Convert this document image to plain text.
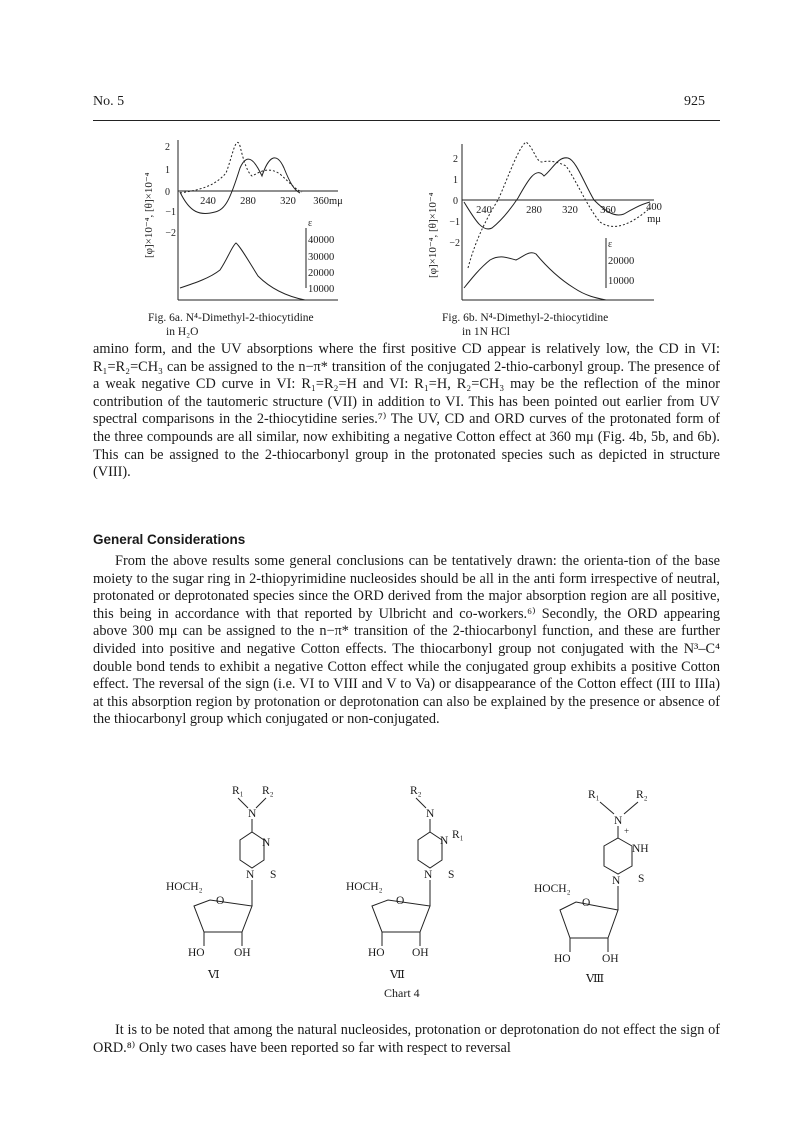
No. 5	925
[φ]×10⁻⁴, [θ]×10⁻⁴
2
1
0
−1
−2
240 280 320 360mμ
ε
40000
30000
20000
10000
Fig. 6a. N⁴-Dimethyl-2-thiocytidine
in H₂O
[φ]×10⁻⁴, [θ]×10⁻⁴
2
1
0
−1
−2
240	280 320 360	400
mμ
ε
20000
10000
Fig. 6b. N⁴-Dimethyl-2-thiocytidine
in 1N HCl

amino form, and the UV absorptions where the first positive CD appear is relatively low, the CD in VI: R₁=R₂=CH₃ can be assigned to the n−π* transition of the conjugated 2-thio-carbonyl group. The presence of a weak negative CD curve in VI: R₁=R₂=H and VI: R₁=H, R₂=CH₃ may be the reflection of the minor contribution of the tautomeric structure (VII) in addition to VI. This has been pointed out earlier from UV spectral comparisons in the 2-thiocytidine series.⁷⁾ The UV, CD and ORD curves of the protonated form of the three compounds are all similar, now exhibiting a negative Cotton effect at 360 mμ (Fig. 4b, 5b, and 6b). This can be assigned to the 2-thiocarbonyl group in the protonated species such as depicted in structure (VIII).

General Considerations

From the above results some general conclusions can be tentatively drawn: the orienta-tion of the base moiety to the sugar ring in 2-thiopyrimidine nucleosides should be all in the anti form irrespective of neutral, protonated or deprotonated species since the ORD derived from the major absorption region are all positive, this being in accordance with that reported by Ulbricht and co-workers.⁶⁾ Secondly, the ORD appearing above 300 mμ can be assigned to the n−π* transition of the 2-thiocarbonyl function, and these are further divided into positive and negative Cotton effects. The thiocarbonyl group not conjugated with the N³–C⁴ double bond tends to exhibit a negative Cotton effect while the conjugated group exhibits a positive Cotton effect. The reversal of the sign (i.e. VI to VIII and V to Va) or disappearance of the Cotton effect (III to IIIa) at this absorption region by protonation or deprotonation can also be explained by the presence or absence of the thiocarbonyl group which conjugated or non-conjugated.

R₁ R₂
N
N
N S
HOCH₂
O
HO	OH
Ⅵ
R₂
N
N R₁
N S
HOCH₂
O
HO OH
Ⅶ
R₁	R₂
N
+
NH
N S
HOCH₂
O
HO	OH
Ⅷ
Chart 4

It is to be noted that among the natural nucleosides, protonation or deprotonation do not effect the sign of ORD.⁸⁾ Only two cases have been reported so far with respect to reversal
